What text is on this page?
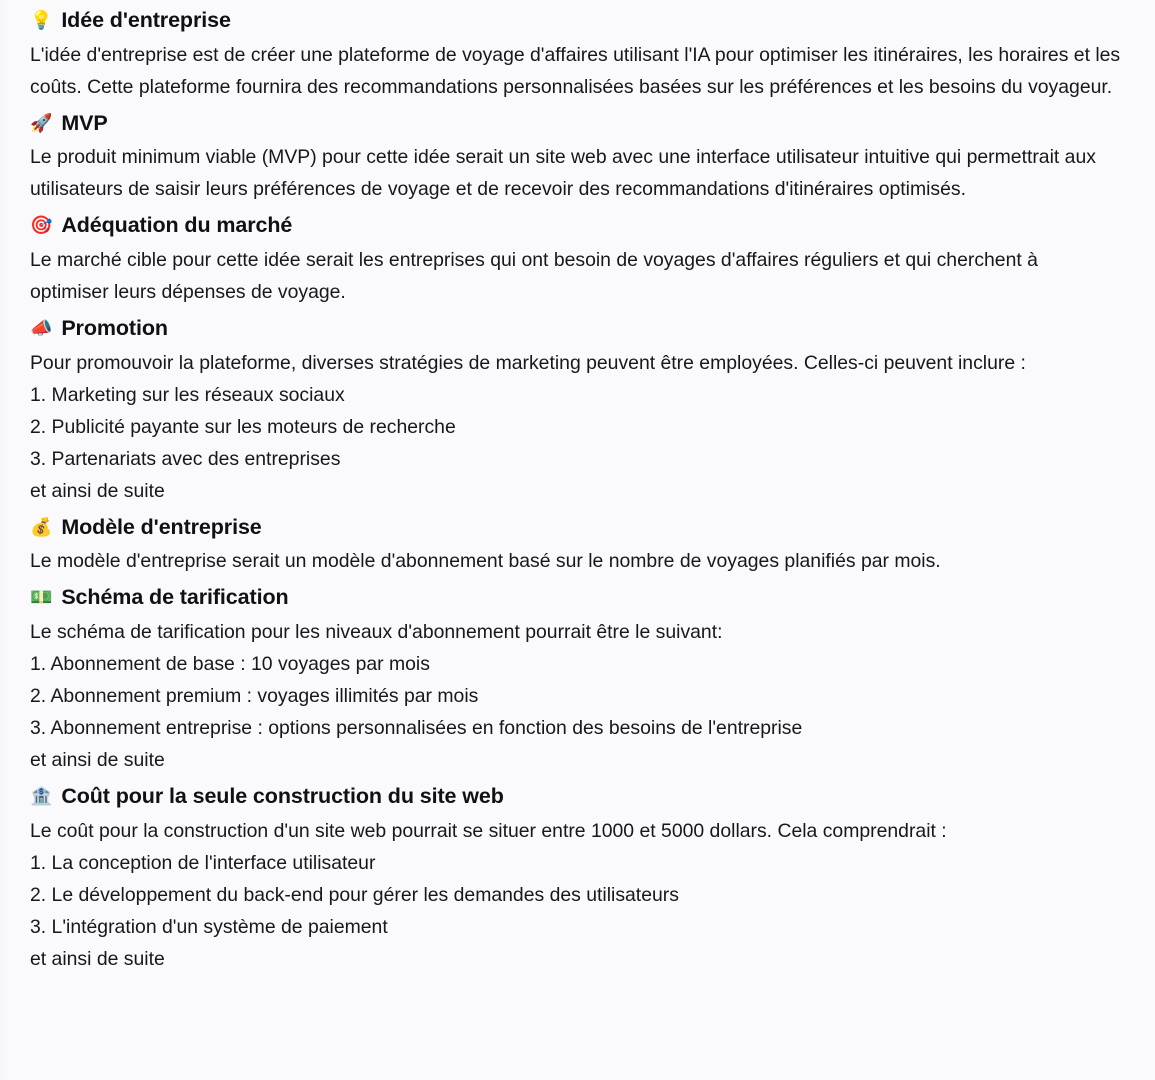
💡 Idée d'entreprise

L'idée d'entreprise est de créer une plateforme de voyage d'affaires utilisant l'IA pour optimiser les itinéraires, les horaires et les coûts. Cette plateforme fournira des recommandations personnalisées basées sur les préférences et les besoins du voyageur.

🚀 MVP

Le produit minimum viable (MVP) pour cette idée serait un site web avec une interface utilisateur intuitive qui permettrait aux utilisateurs de saisir leurs préférences de voyage et de recevoir des recommandations d'itinéraires optimisés.

🎯 Adéquation du marché

Le marché cible pour cette idée serait les entreprises qui ont besoin de voyages d'affaires réguliers et qui cherchent à optimiser leurs dépenses de voyage.

📣 Promotion

Pour promouvoir la plateforme, diverses stratégies de marketing peuvent être employées. Celles-ci peuvent inclure :

1. Marketing sur les réseaux sociaux
2. Publicité payante sur les moteurs de recherche
3. Partenariats avec des entreprises
et ainsi de suite
💰 Modèle d'entreprise

Le modèle d'entreprise serait un modèle d'abonnement basé sur le nombre de voyages planifiés par mois.

💵 Schéma de tarification

Le schéma de tarification pour les niveaux d'abonnement pourrait être le suivant:

1. Abonnement de base : 10 voyages par mois
2. Abonnement premium : voyages illimités par mois
3. Abonnement entreprise : options personnalisées en fonction des besoins de l'entreprise
et ainsi de suite
🏦 Coût pour la seule construction du site web

Le coût pour la construction d'un site web pourrait se situer entre 1000 et 5000 dollars. Cela comprendrait :

1. La conception de l'interface utilisateur
2. Le développement du back-end pour gérer les demandes des utilisateurs
3. L'intégration d'un système de paiement
et ainsi de suite
